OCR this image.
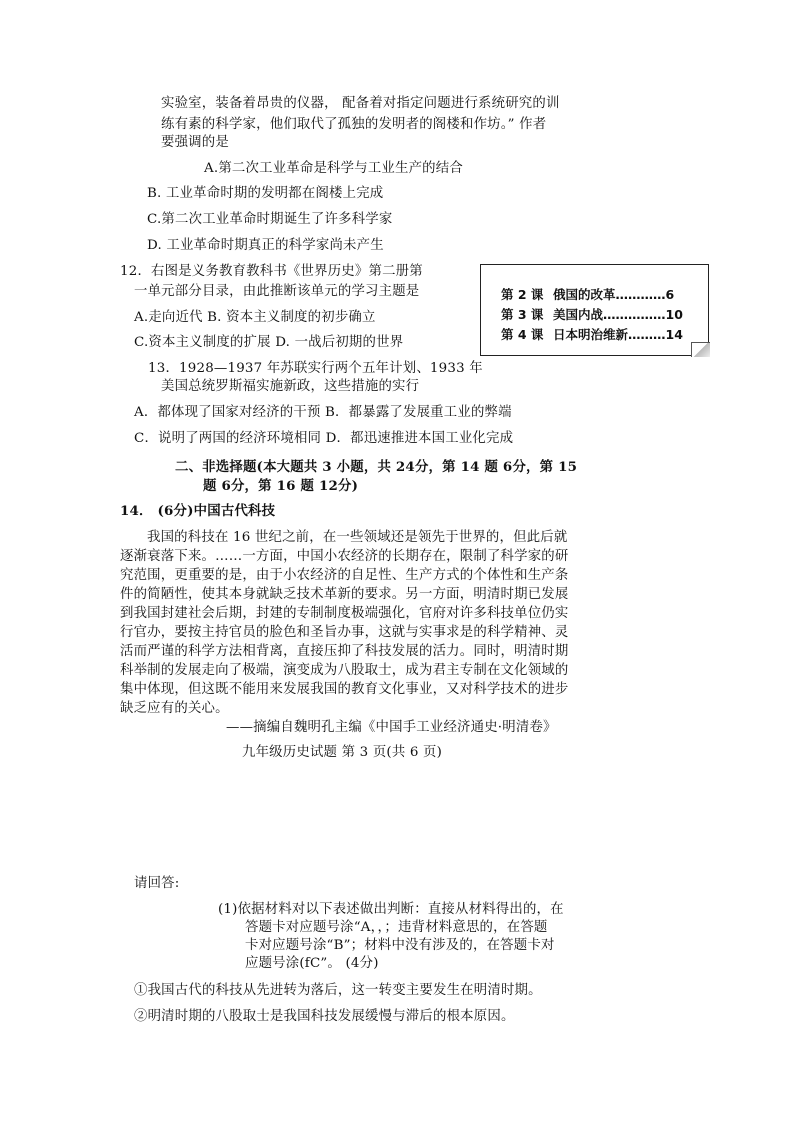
实验室，装备着昂贵的仪器， 配备着对指定问题进行系统研究的训
练有素的科学家，他们取代了孤独的发明者的阁楼和作坊。” 作者
要强调的是
A.第二次工业革命是科学与工业生产的结合
B. 工业革命时期的发明都在阁楼上完成
C.第二次工业革命时期诞生了许多科学家
D. 工业革命时期真正的科学家尚未产生
12．右图是义务教育教科书《世界历史》第二册第
一单元部分目录，由此推断该单元的学习主题是
A.走向近代 B. 资本主义制度的初步确立
C.资本主义制度的扩展 D. 一战后初期的世界
第 2 课 俄国的改革…………6
第 3 课 美国内战……………10
第 4 课 日本明治维新………14
13．1928—1937 年苏联实行两个五年计划、1933 年
美国总统罗斯福实施新政，这些措施的实行
A．都体现了国家对经济的干预 B．都暴露了发展重工业的弊端
C．说明了两国的经济环境相同 D．都迅速推进本国工业化完成
二、非选择题(本大题共 3 小题，共 24分，第 14 题 6分，第 15
题 6分，第 16 题 12分)
14． (6分)中国古代科技
我国的科技在 16 世纪之前，在一些领域还是领先于世界的，但此后就
逐渐衰落下来。……一方面，中国小农经济的长期存在，限制了科学家的研
究范围，更重要的是，由于小农经济的自足性、生产方式的个体性和生产条
件的简陋性，使其本身就缺乏技术革新的要求。另一方面，明清时期已发展
到我国封建社会后期，封建的专制制度极端强化，官府对许多科技单位仍实
行官办，要按主持官员的脸色和圣旨办事，这就与实事求是的科学精神、灵
活而严谨的科学方法相背离，直接压抑了科技发展的活力。同时，明清时期
科举制的发展走向了极端，演变成为八股取士，成为君主专制在文化领域的
集中体现，但这既不能用来发展我国的教育文化事业，又对科学技术的进步
缺乏应有的关心。
——摘编自魏明孔主编《中国手工业经济通史·明清卷》
九年级历史试题 第 3 页(共 6 页)
请回答:
(1)依据材料对以下表述做出判断：直接从材料得出的，在
答题卡对应题号涂“A，，；违背材料意思的，在答题
卡对应题号涂“B”；材料中没有涉及的，在答题卡对
应题号涂(fC”。 (4分)
①我国古代的科技从先进转为落后，这一转变主要发生在明清时期。
②明清时期的八股取士是我国科技发展缓慢与滞后的根本原因。
